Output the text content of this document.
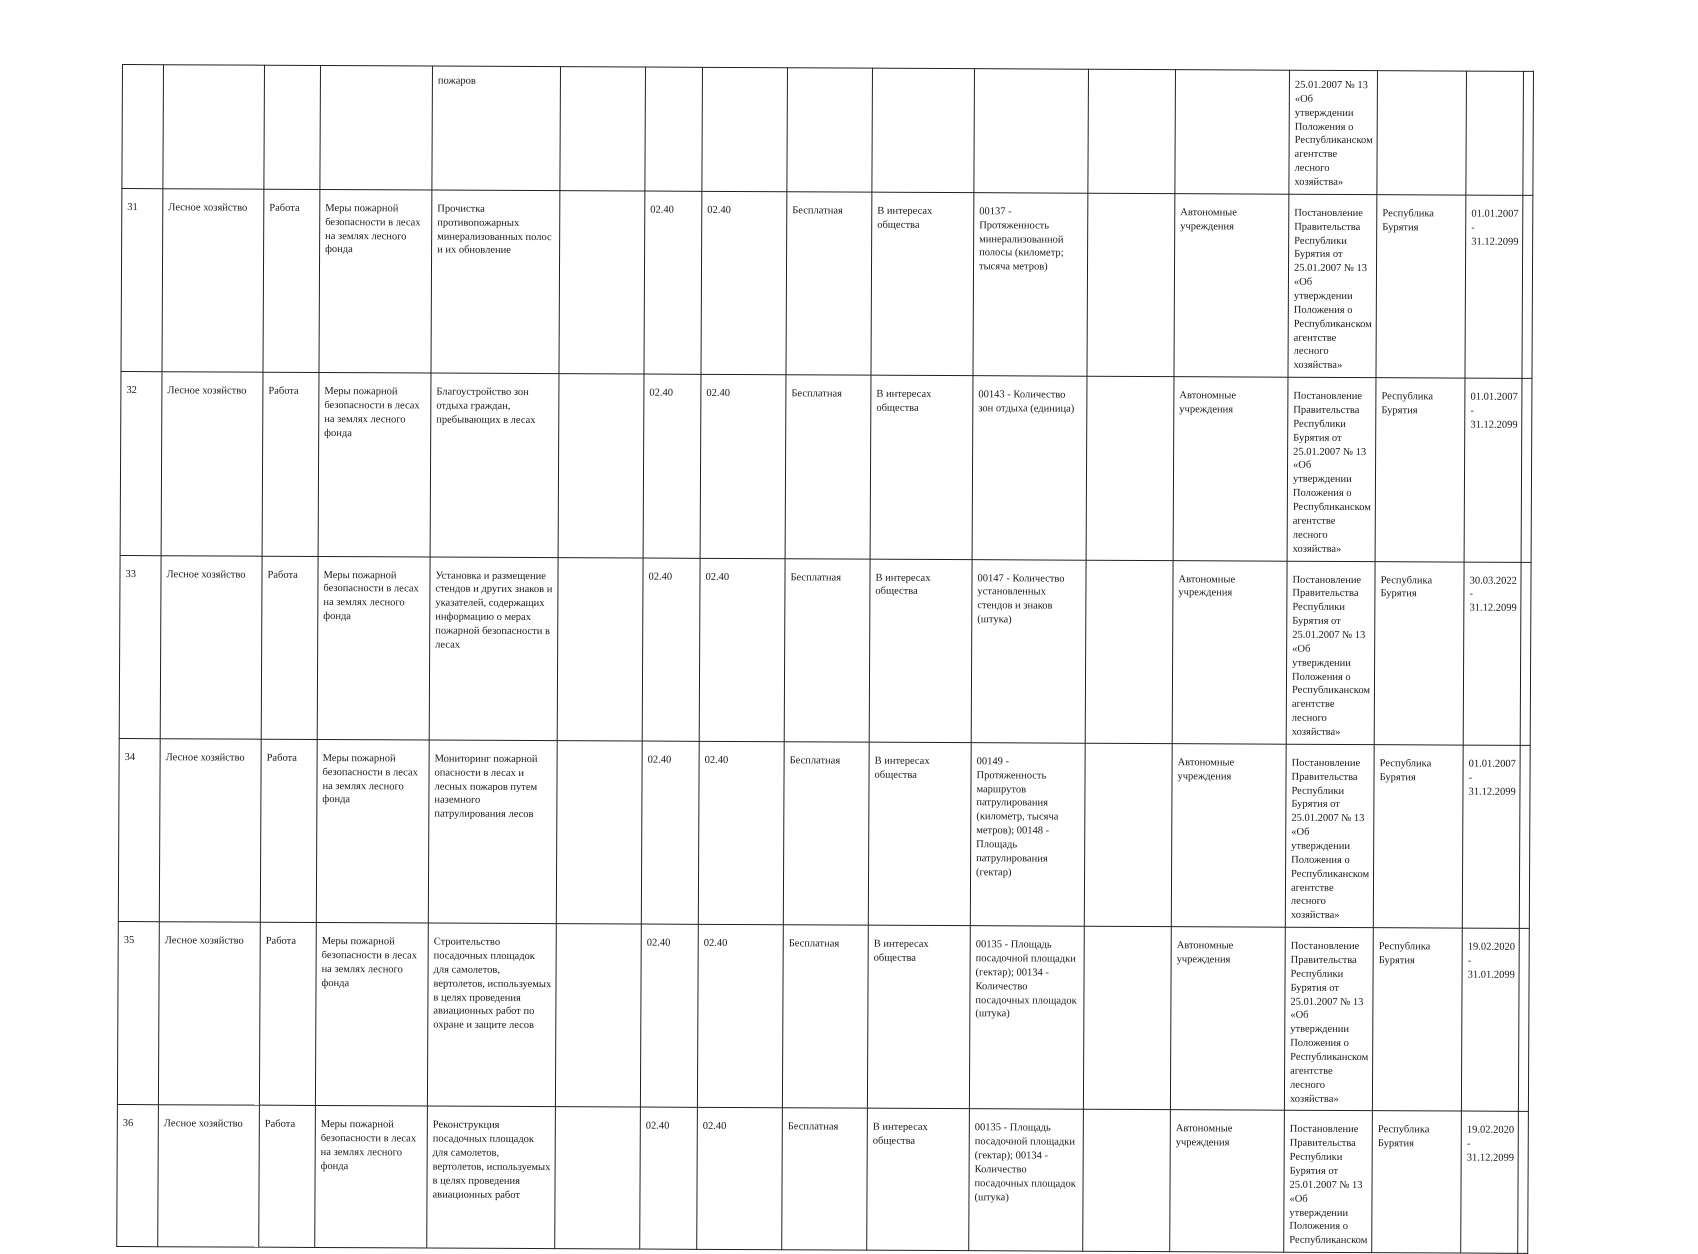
				пожаров									25.01.2007 № 13 «Об утверждении Положения о Республиканском агентстве лесного хозяйства»			
31	Лесное хозяйство	Работа	Меры пожарной безопасности в лесах на землях лесного фонда	Прочистка противопожарных минерализованных полос и их обновление		02.40	02.40	Бесплатная	В интересах общества	00137 - Протяженность минерализованной полосы (километр; тысяча метров)		Автономные учреждения	Постановление Правительства Республики Бурятия от 25.01.2007 № 13 «Об утверждении Положения о Республиканском агентстве лесного хозяйства»	Республика Бурятия	01.01.2007 - 31.12.2099	
32	Лесное хозяйство	Работа	Меры пожарной безопасности в лесах на землях лесного фонда	Благоустройство зон отдыха граждан, пребывающих в лесах		02.40	02.40	Бесплатная	В интересах общества	00143 - Количество зон отдыха (единица)		Автономные учреждения	Постановление Правительства Республики Бурятия от 25.01.2007 № 13 «Об утверждении Положения о Республиканском агентстве лесного хозяйства»	Республика Бурятия	01.01.2007 - 31.12.2099	
33	Лесное хозяйство	Работа	Меры пожарной безопасности в лесах на землях лесного фонда	Установка и размещение стендов и других знаков и указателей, содержащих информацию о мерах пожарной безопасности в лесах		02.40	02.40	Бесплатная	В интересах общества	00147 - Количество установленных стендов и знаков (штука)		Автономные учреждения	Постановление Правительства Республики Бурятия от 25.01.2007 № 13 «Об утверждении Положения о Республиканском агентстве лесного хозяйства»	Республика Бурятия	30.03.2022 - 31.12.2099	
34	Лесное хозяйство	Работа	Меры пожарной безопасности в лесах на землях лесного фонда	Мониторинг пожарной опасности в лесах и лесных пожаров путем наземного патрулирования лесов		02.40	02.40	Бесплатная	В интересах общества	00149 - Протяженность маршрутов патрулирования (километр, тысяча метров); 00148 - Площадь патрулирования (гектар)		Автономные учреждения	Постановление Правительства Республики Бурятия от 25.01.2007 № 13 «Об утверждении Положения о Республиканском агентстве лесного хозяйства»	Республика Бурятия	01.01.2007 - 31.12.2099	
35	Лесное хозяйство	Работа	Меры пожарной безопасности в лесах на землях лесного фонда	Строительство посадочных площадок для самолетов, вертолетов, используемых в целях проведения авиационных работ по охране и защите лесов		02.40	02.40	Бесплатная	В интересах общества	00135 - Площадь посадочной площадки (гектар); 00134 - Количество посадочных площадок (штука)		Автономные учреждения	Постановление Правительства Республики Бурятия от 25.01.2007 № 13 «Об утверждении Положения о Республиканском агентстве лесного хозяйства»	Республика Бурятия	19.02.2020 - 31.01.2099	
36	Лесное хозяйство	Работа	Меры пожарной безопасности в лесах на землях лесного фонда	Реконструкция посадочных площадок для самолетов, вертолетов, используемых в целях проведения авиационных работ		02.40	02.40	Бесплатная	В интересах общества	00135 - Площадь посадочной площадки (гектар); 00134 - Количество посадочных площадок (штука)		Автономные учреждения	Постановление Правительства Республики Бурятия от 25.01.2007 № 13 «Об утверждении Положения о Республиканском	Республика Бурятия	19.02.2020 - 31.12.2099	
